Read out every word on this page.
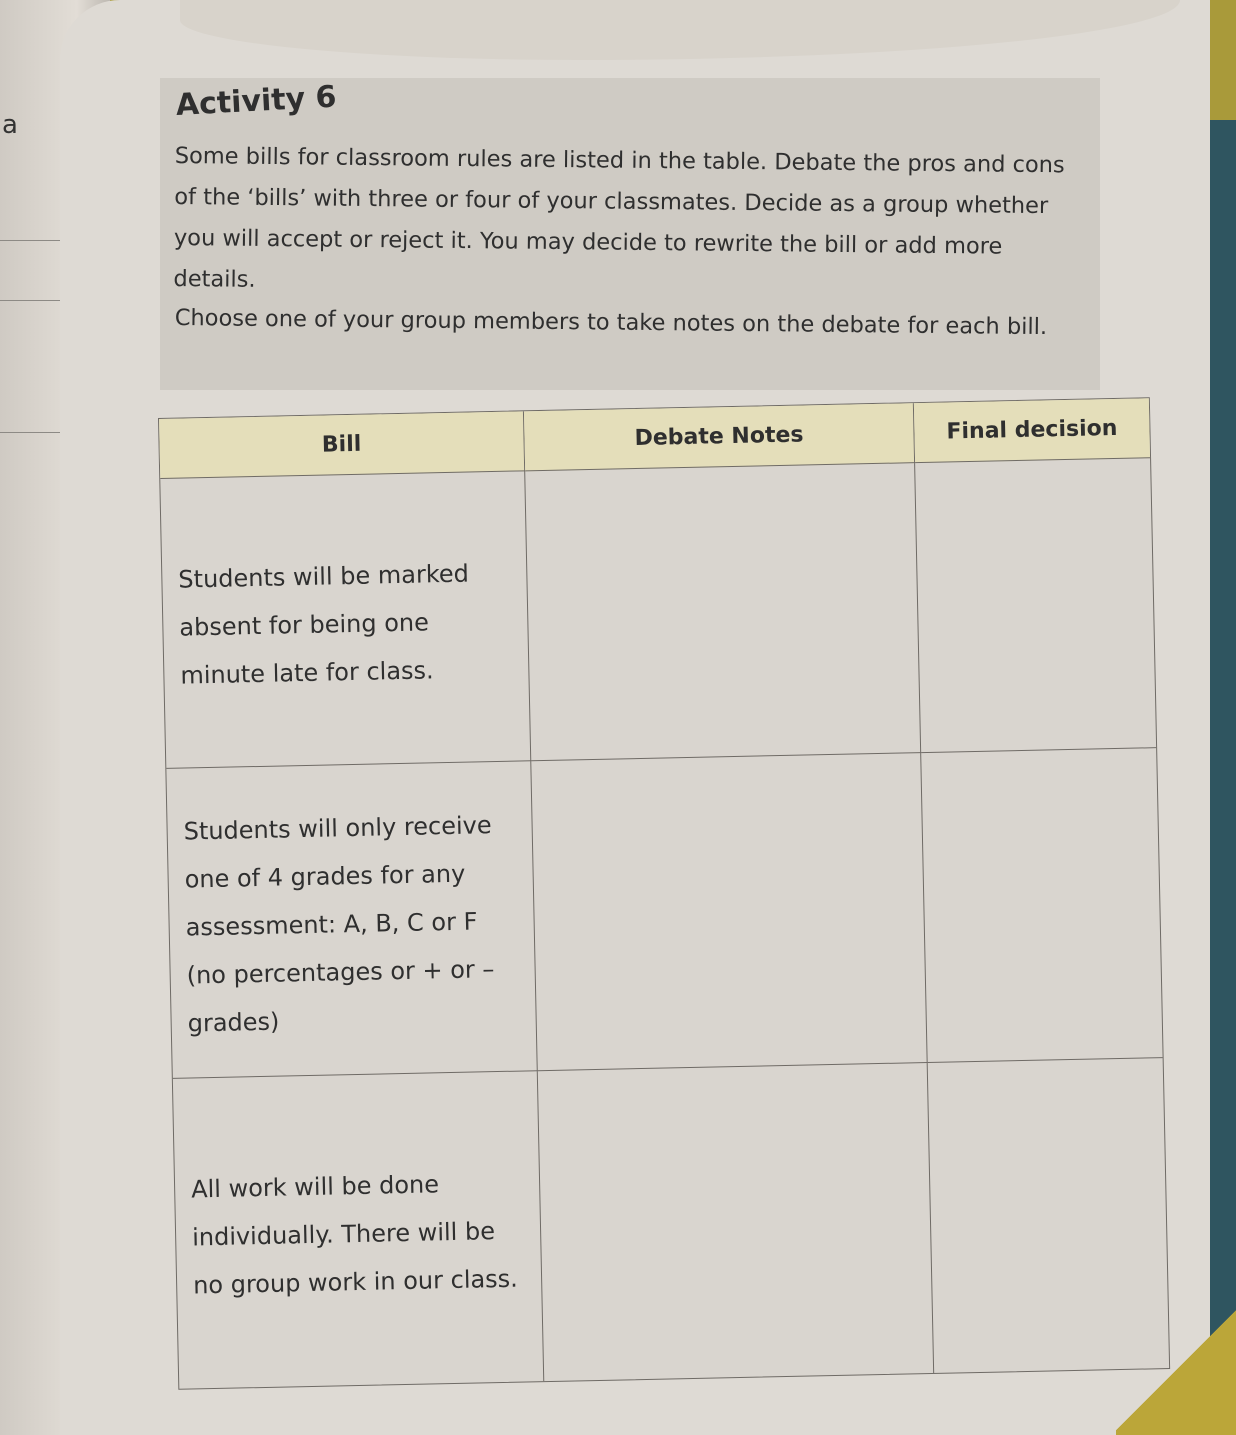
a
Activity 6

Some bills for classroom rules are listed in the table. Debate the pros and cons of the ‘bills’ with three or four of your classmates. Decide as a group whether you will accept or reject it. You may decide to rewrite the bill or add more details.

Choose one of your group members to take notes on the debate for each bill.

Bill	Debate Notes	Final decision
Students will be marked absent for being one minute late for class.
Students will only receive one of 4 grades for any assessment: A, B, C or F (no percentages or + or – grades)
All work will be done individually. There will be no group work in our class.
